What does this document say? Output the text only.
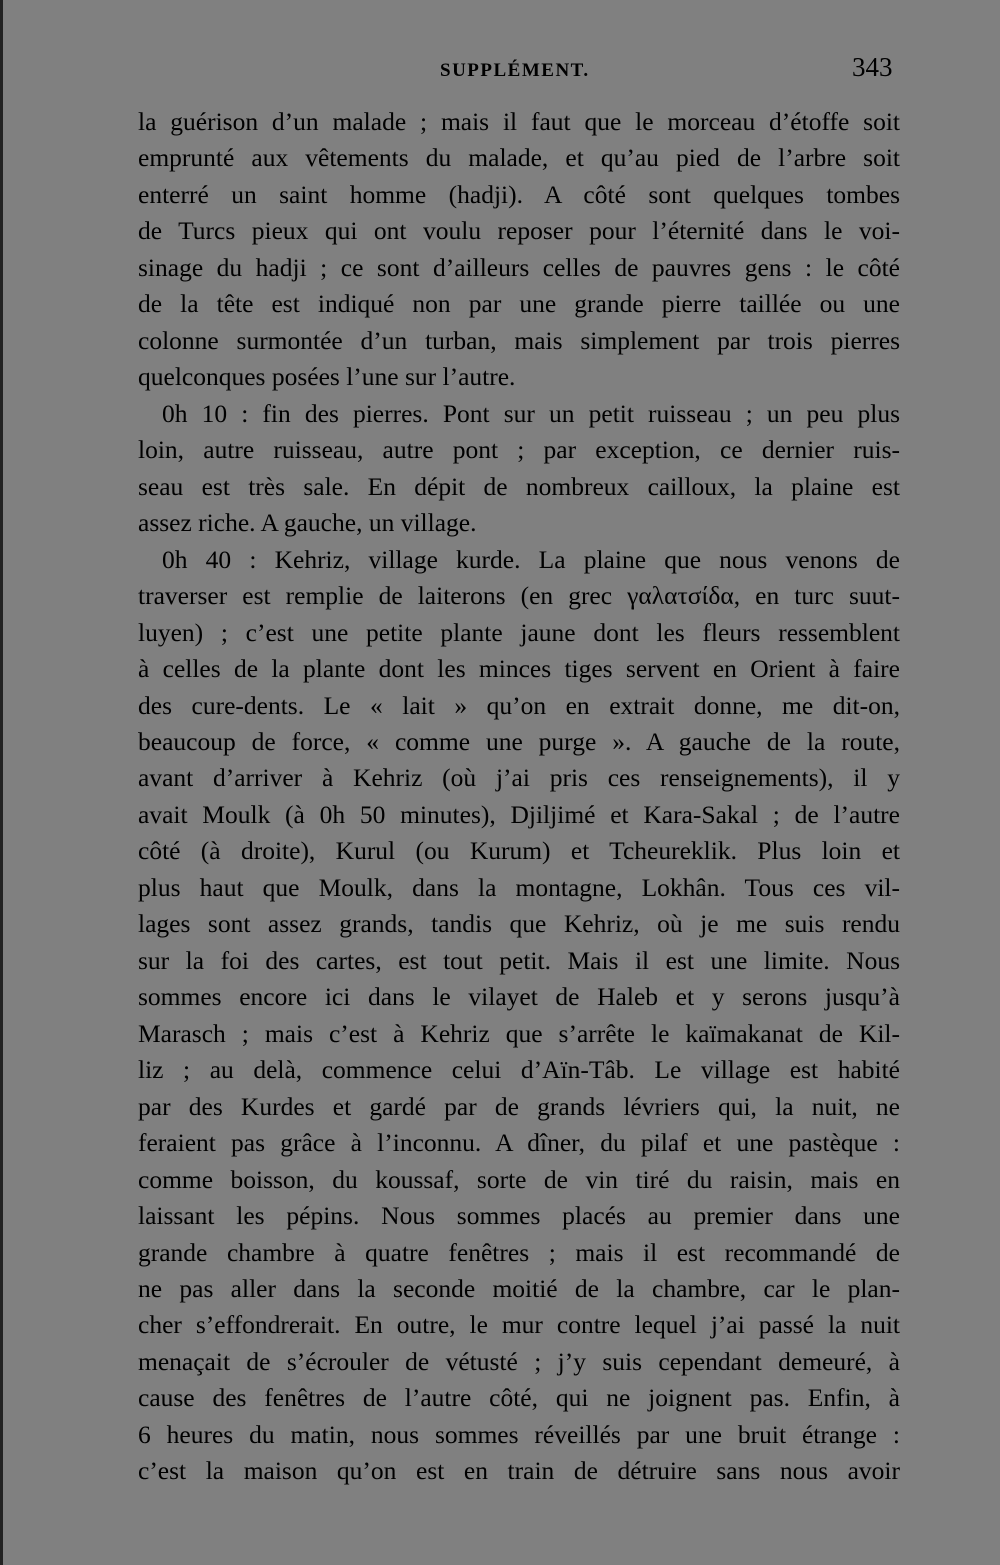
SUPPLÉMENT.	343
la guérison d’un malade ; mais il faut que le morceau d’étoffe soit
emprunté aux vêtements du malade, et qu’au pied de l’arbre soit
enterré un saint homme (hadji). A côté sont quelques tombes
de Turcs pieux qui ont voulu reposer pour l’éternité dans le voi-
sinage du hadji ; ce sont d’ailleurs celles de pauvres gens : le côté
de la tête est indiqué non par une grande pierre taillée ou une
colonne surmontée d’un turban, mais simplement par trois pierres
quelconques posées l’une sur l’autre.
0h 10 : fin des pierres. Pont sur un petit ruisseau ; un peu plus
loin, autre ruisseau, autre pont ; par exception, ce dernier ruis-
seau est très sale. En dépit de nombreux cailloux, la plaine est
assez riche. A gauche, un village.
0h 40 : Kehriz, village kurde. La plaine que nous venons de
traverser est remplie de laiterons (en grec γαλατσίδα, en turc suut-
luyen) ; c’est une petite plante jaune dont les fleurs ressemblent
à celles de la plante dont les minces tiges servent en Orient à faire
des cure-dents. Le « lait » qu’on en extrait donne, me dit-on,
beaucoup de force, « comme une purge ». A gauche de la route,
avant d’arriver à Kehriz (où j’ai pris ces renseignements), il y
avait Moulk (à 0h 50 minutes), Djiljimé et Kara-Sakal ; de l’autre
côté (à droite), Kurul (ou Kurum) et Tcheureklik. Plus loin et
plus haut que Moulk, dans la montagne, Lokhân. Tous ces vil-
lages sont assez grands, tandis que Kehriz, où je me suis rendu
sur la foi des cartes, est tout petit. Mais il est une limite. Nous
sommes encore ici dans le vilayet de Haleb et y serons jusqu’à
Marasch ; mais c’est à Kehriz que s’arrête le kaïmakanat de Kil-
liz ; au delà, commence celui d’Aïn-Tâb. Le village est habité
par des Kurdes et gardé par de grands lévriers qui, la nuit, ne
feraient pas grâce à l’inconnu. A dîner, du pilaf et une pastèque :
comme boisson, du koussaf, sorte de vin tiré du raisin, mais en
laissant les pépins. Nous sommes placés au premier dans une
grande chambre à quatre fenêtres ; mais il est recommandé de
ne pas aller dans la seconde moitié de la chambre, car le plan-
cher s’effondrerait. En outre, le mur contre lequel j’ai passé la nuit
menaçait de s’écrouler de vétusté ; j’y suis cependant demeuré, à
cause des fenêtres de l’autre côté, qui ne joignent pas. Enfin, à
6 heures du matin, nous sommes réveillés par une bruit étrange :
c’est la maison qu’on est en train de détruire sans nous avoir
